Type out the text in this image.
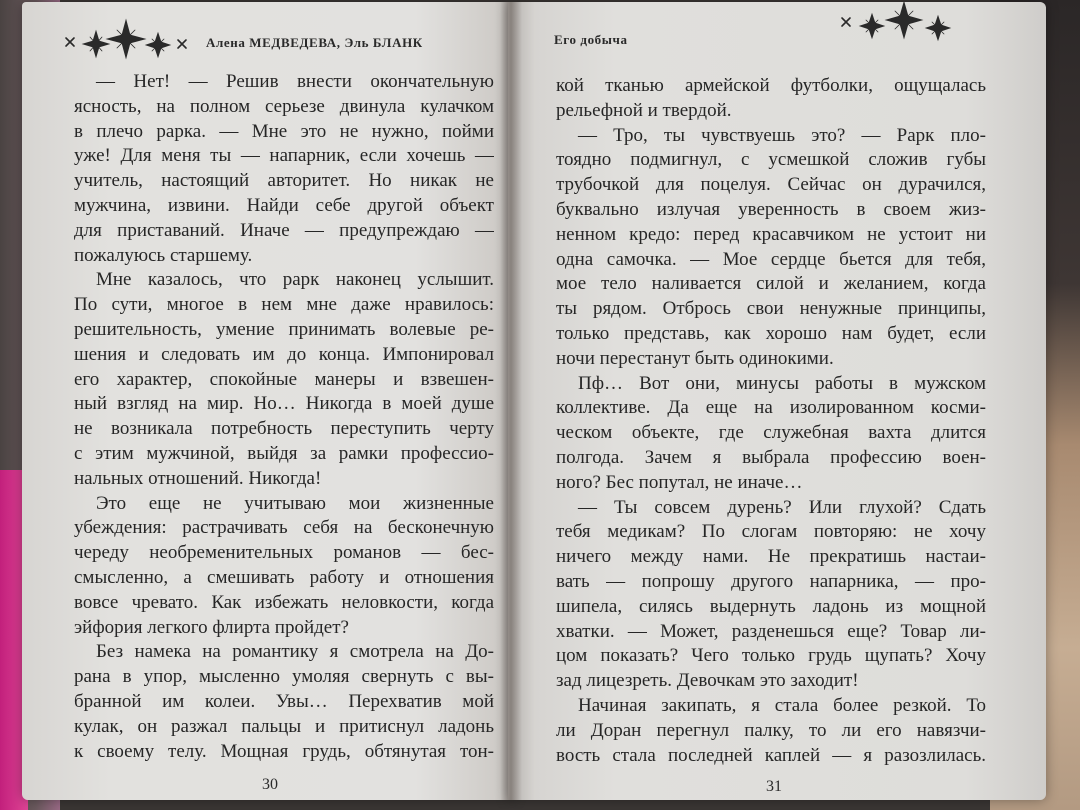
Алена МЕДВЕДЕВА, Эль БЛАНК
— Нет! — Решив внести окончательную
ясность, на полном серьезе двинула кулачком
в плечо рарка. — Мне это не нужно, пойми
уже! Для меня ты — напарник, если хочешь —
учитель, настоящий авторитет. Но никак не
мужчина, извини. Найди себе другой объект
для приставаний. Иначе — предупреждаю —
пожалуюсь старшему.
Мне казалось, что рарк наконец услышит.
По сути, многое в нем мне даже нравилось:
решительность, умение принимать волевые ре-
шения и следовать им до конца. Импонировал
его характер, спокойные манеры и взвешен-
ный взгляд на мир. Но… Никогда в моей душе
не возникала потребность переступить черту
с этим мужчиной, выйдя за рамки профессио-
нальных отношений. Никогда!
Это еще не учитываю мои жизненные
убеждения: растрачивать себя на бесконечную
череду необременительных романов — бес-
смысленно, а смешивать работу и отношения
вовсе чревато. Как избежать неловкости, когда
эйфория легкого флирта пройдет?
Без намека на романтику я смотрела на До-
рана в упор, мысленно умоляя свернуть с вы-
бранной им колеи. Увы… Перехватив мой
кулак, он разжал пальцы и притиснул ладонь
к своему телу. Мощная грудь, обтянутая тон-
30
Его добыча
кой тканью армейской футболки, ощущалась
рельефной и твердой.
— Тро, ты чувствуешь это? — Рарк пло-
тоядно подмигнул, с усмешкой сложив губы
трубочкой для поцелуя. Сейчас он дурачился,
буквально излучая уверенность в своем жиз-
ненном кредо: перед красавчиком не устоит ни
одна самочка. — Мое сердце бьется для тебя,
мое тело наливается силой и желанием, когда
ты рядом. Отбрось свои ненужные принципы,
только представь, как хорошо нам будет, если
ночи перестанут быть одинокими.
Пф… Вот они, минусы работы в мужском
коллективе. Да еще на изолированном косми-
ческом объекте, где служебная вахта длится
полгода. Зачем я выбрала профессию воен-
ного? Бес попутал, не иначе…
— Ты совсем дурень? Или глухой? Сдать
тебя медикам? По слогам повторяю: не хочу
ничего между нами. Не прекратишь настаи-
вать — попрошу другого напарника, — про-
шипела, силясь выдернуть ладонь из мощной
хватки. — Может, разденешься еще? Товар ли-
цом показать? Чего только грудь щупать? Хочу
зад лицезреть. Девочкам это заходит!
Начиная закипать, я стала более резкой. То
ли Доран перегнул палку, то ли его навязчи-
вость стала последней каплей — я разозлилась.
31
